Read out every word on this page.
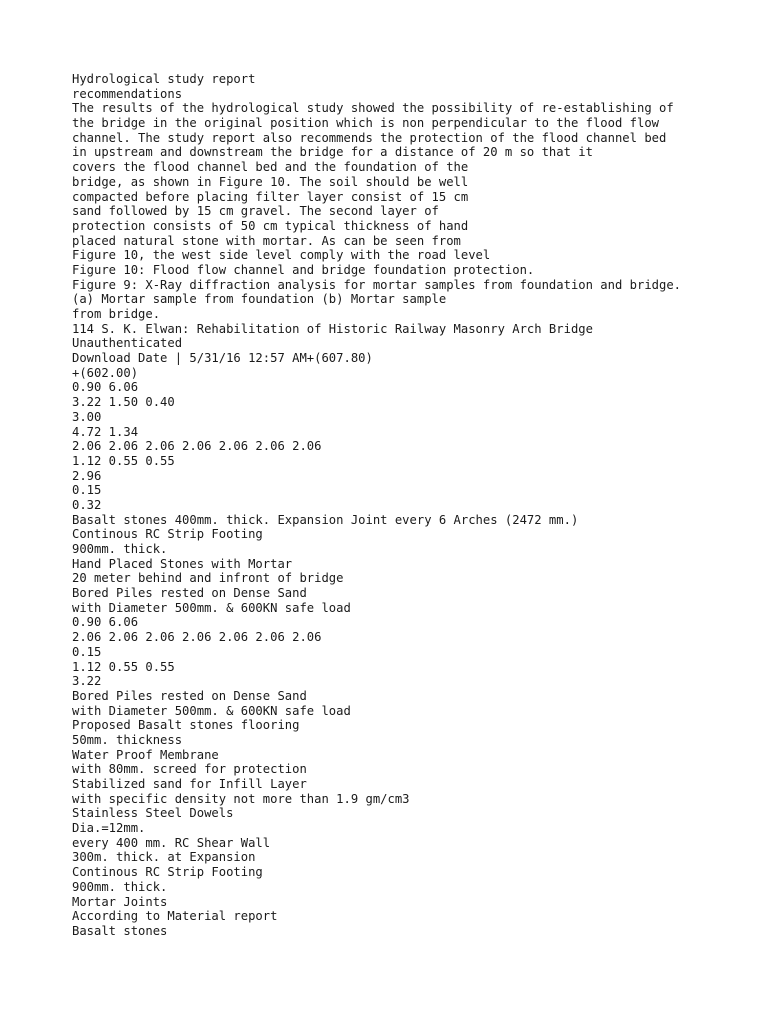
Hydrological study report
recommendations
The results of the hydrological study showed the possibility of re-establishing of
the bridge in the original position which is non perpendicular to the flood flow
channel. The study report also recommends the protection of the flood channel bed
in upstream and downstream the bridge for a distance of 20 m so that it
covers the flood channel bed and the foundation of the
bridge, as shown in Figure 10. The soil should be well
compacted before placing filter layer consist of 15 cm
sand followed by 15 cm gravel. The second layer of
protection consists of 50 cm typical thickness of hand
placed natural stone with mortar. As can be seen from
Figure 10, the west side level comply with the road level
Figure 10: Flood flow channel and bridge foundation protection.
Figure 9: X-Ray diffraction analysis for mortar samples from foundation and bridge.
(a) Mortar sample from foundation (b) Mortar sample
from bridge.
114 S. K. Elwan: Rehabilitation of Historic Railway Masonry Arch Bridge
Unauthenticated
Download Date | 5/31/16 12:57 AM+(607.80)
+(602.00)
0.90 6.06
3.22 1.50 0.40
3.00
4.72 1.34
2.06 2.06 2.06 2.06 2.06 2.06 2.06
1.12 0.55 0.55
2.96
0.15
0.32
Basalt stones 400mm. thick. Expansion Joint every 6 Arches (2472 mm.)
Continous RC Strip Footing
900mm. thick.
Hand Placed Stones with Mortar
20 meter behind and infront of bridge
Bored Piles rested on Dense Sand
with Diameter 500mm. & 600KN safe load
0.90 6.06
2.06 2.06 2.06 2.06 2.06 2.06 2.06
0.15
1.12 0.55 0.55
3.22
Bored Piles rested on Dense Sand
with Diameter 500mm. & 600KN safe load
Proposed Basalt stones flooring
50mm. thickness
Water Proof Membrane
with 80mm. screed for protection
Stabilized sand for Infill Layer
with specific density not more than 1.9 gm/cm3
Stainless Steel Dowels
Dia.=12mm.
every 400 mm. RC Shear Wall
300m. thick. at Expansion
Continous RC Strip Footing
900mm. thick.
Mortar Joints
According to Material report
Basalt stones
